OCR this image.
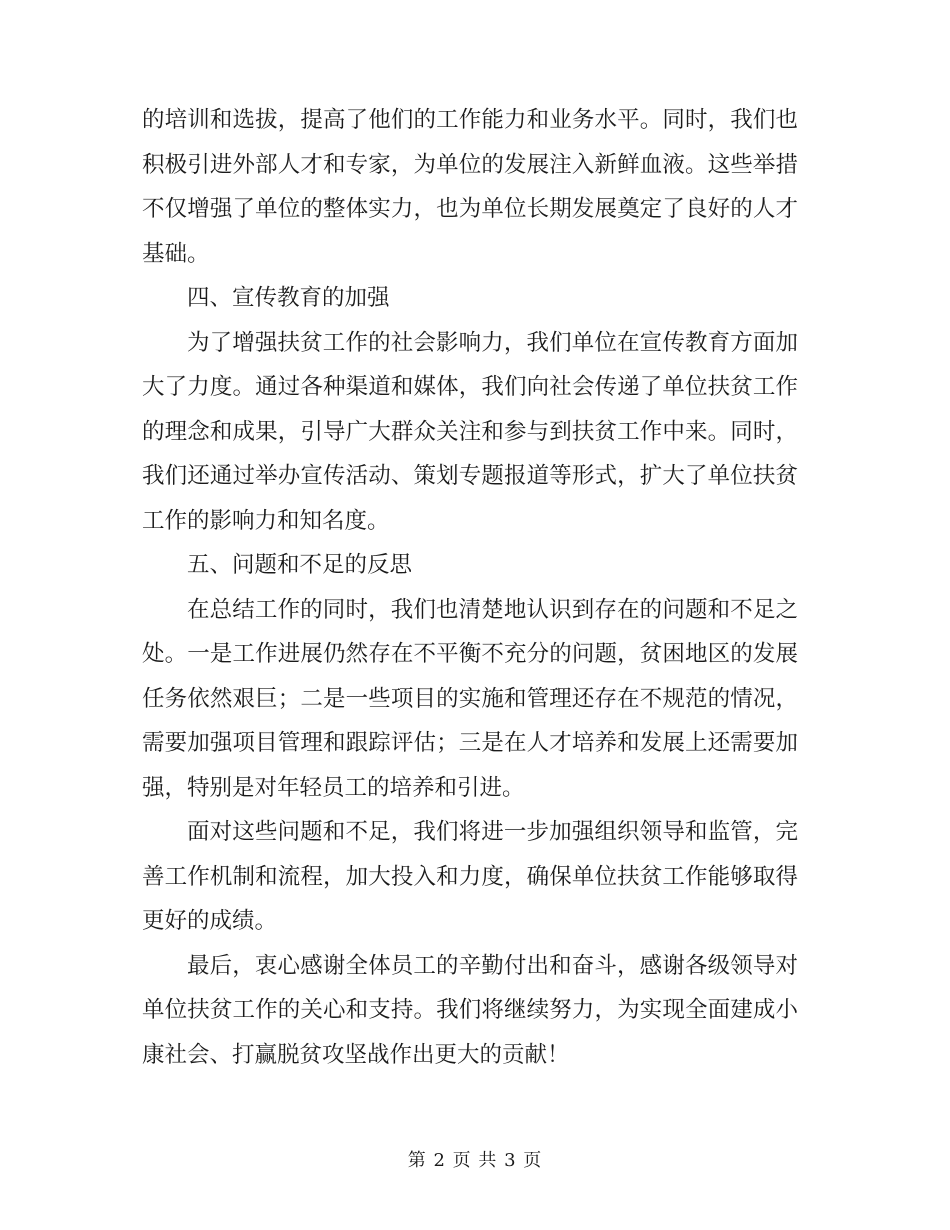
的培训和选拔，提高了他们的工作能力和业务水平。同时，我们也积极引进外部人才和专家，为单位的发展注入新鲜血液。这些举措不仅增强了单位的整体实力，也为单位长期发展奠定了良好的人才基础。

四、宣传教育的加强

为了增强扶贫工作的社会影响力，我们单位在宣传教育方面加大了力度。通过各种渠道和媒体，我们向社会传递了单位扶贫工作的理念和成果，引导广大群众关注和参与到扶贫工作中来。同时，我们还通过举办宣传活动、策划专题报道等形式，扩大了单位扶贫工作的影响力和知名度。

五、问题和不足的反思

在总结工作的同时，我们也清楚地认识到存在的问题和不足之处。一是工作进展仍然存在不平衡不充分的问题，贫困地区的发展任务依然艰巨；二是一些项目的实施和管理还存在不规范的情况，需要加强项目管理和跟踪评估；三是在人才培养和发展上还需要加强，特别是对年轻员工的培养和引进。

面对这些问题和不足，我们将进一步加强组织领导和监管，完善工作机制和流程，加大投入和力度，确保单位扶贫工作能够取得更好的成绩。

最后，衷心感谢全体员工的辛勤付出和奋斗，感谢各级领导对单位扶贫工作的关心和支持。我们将继续努力，为实现全面建成小康社会、打赢脱贫攻坚战作出更大的贡献！

第 2 页 共 3 页
